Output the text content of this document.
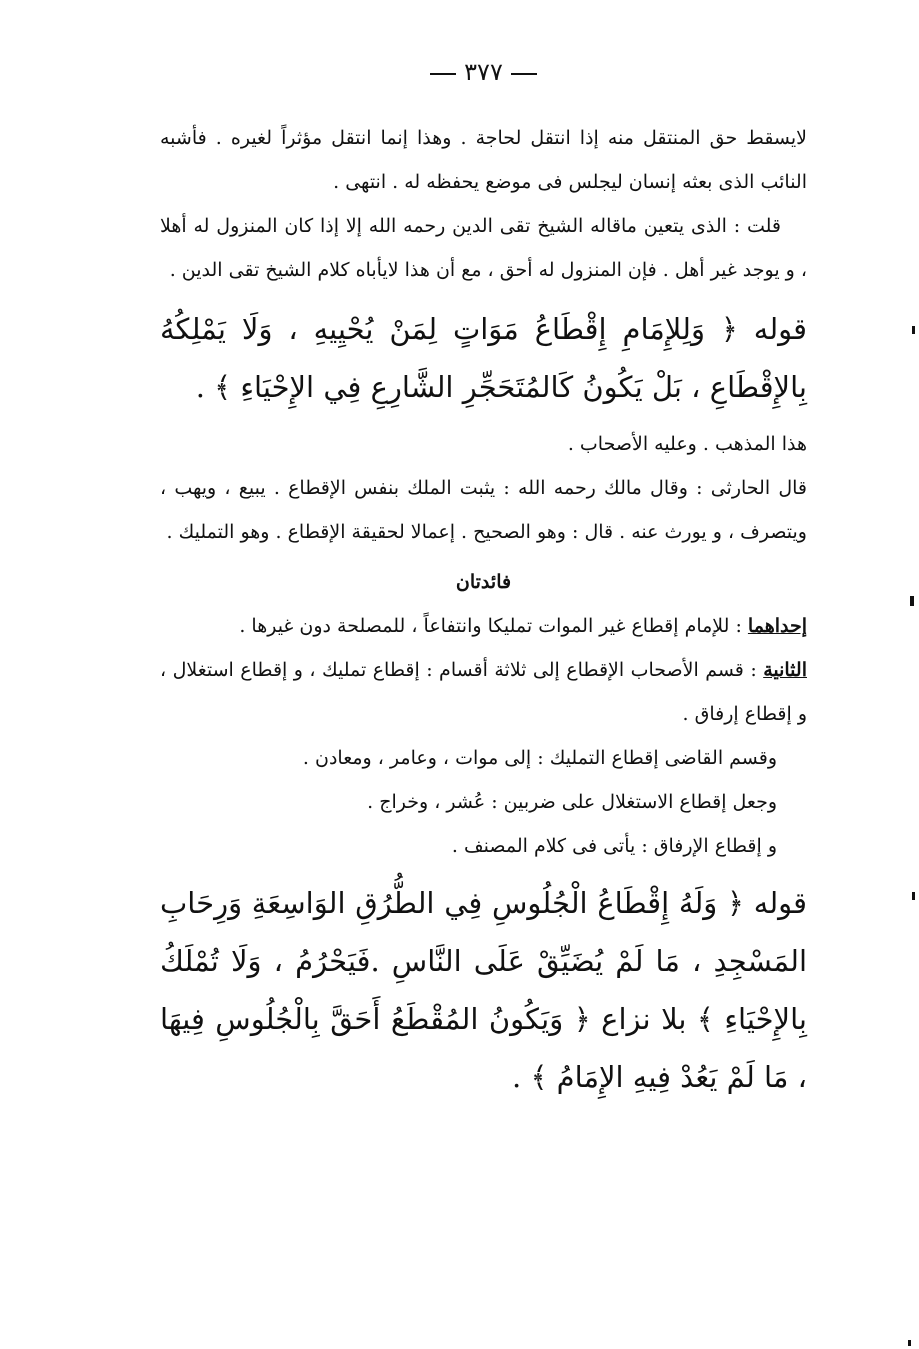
٣٧٧

لايسقط حق المنتقل منه إذا انتقل لحاجة . وهذا إنما انتقل مؤثراً لغيره . فأشبه النائب الذى بعثه إنسان ليجلس فى موضع يحفظه له . انتهى .

قلت : الذى يتعين ماقاله الشيخ تقى الدين رحمه الله إلا إذا كان المنزول له أهلا ، و يوجد غير أهل . فإن المنزول له أحق ، مع أن هذا لايأباه كلام الشيخ تقى الدين .

قوله ﴿ وَلِلإِمَامِ إِقْطَاعُ مَوَاتٍ لِمَنْ يُحْيِيهِ ، وَلَا يَمْلِكُهُ بِالإِقْطَاعِ ، بَلْ يَكُونُ كَالمُتَحَجِّرِ الشَّارِعِ فِي الإِحْيَاءِ ﴾ .

هذا المذهب . وعليه الأصحاب .

قال الحارثى : وقال مالك رحمه الله : يثبت الملك بنفس الإقطاع . يبيع ، ويهب ، ويتصرف ، و يورث عنه . قال : وهو الصحيح . إعمالا لحقيقة الإقطاع . وهو التمليك .

فائدتان

إحداهما : للإمام إقطاع غير الموات تمليكا وانتفاعاً ، للمصلحة دون غيرها .

الثانية : قسم الأصحاب الإقطاع إلى ثلاثة أقسام : إقطاع تمليك ، و إقطاع استغلال ، و إقطاع إرفاق .

وقسم القاضى إقطاع التمليك : إلى موات ، وعامر ، ومعادن .

وجعل إقطاع الاستغلال على ضربين : عُشر ، وخراج .

و إقطاع الإرفاق : يأتى فى كلام المصنف .

قوله ﴿ وَلَهُ إِقْطَاعُ الْجُلُوسِ فِي الطُّرُقِ الوَاسِعَةِ وَرِحَابِ المَسْجِدِ ، مَا لَمْ يُضَيِّقْ عَلَى النَّاسِ .فَيَحْرُمُ ، وَلَا تُمْلَكُ بِالإِحْيَاءِ ﴾ بلا نزاع ﴿ وَيَكُونُ المُقْطَعُ أَحَقَّ بِالْجُلُوسِ فِيهَا ، مَا لَمْ يَعُدْ فِيهِ الإِمَامُ ﴾ .
